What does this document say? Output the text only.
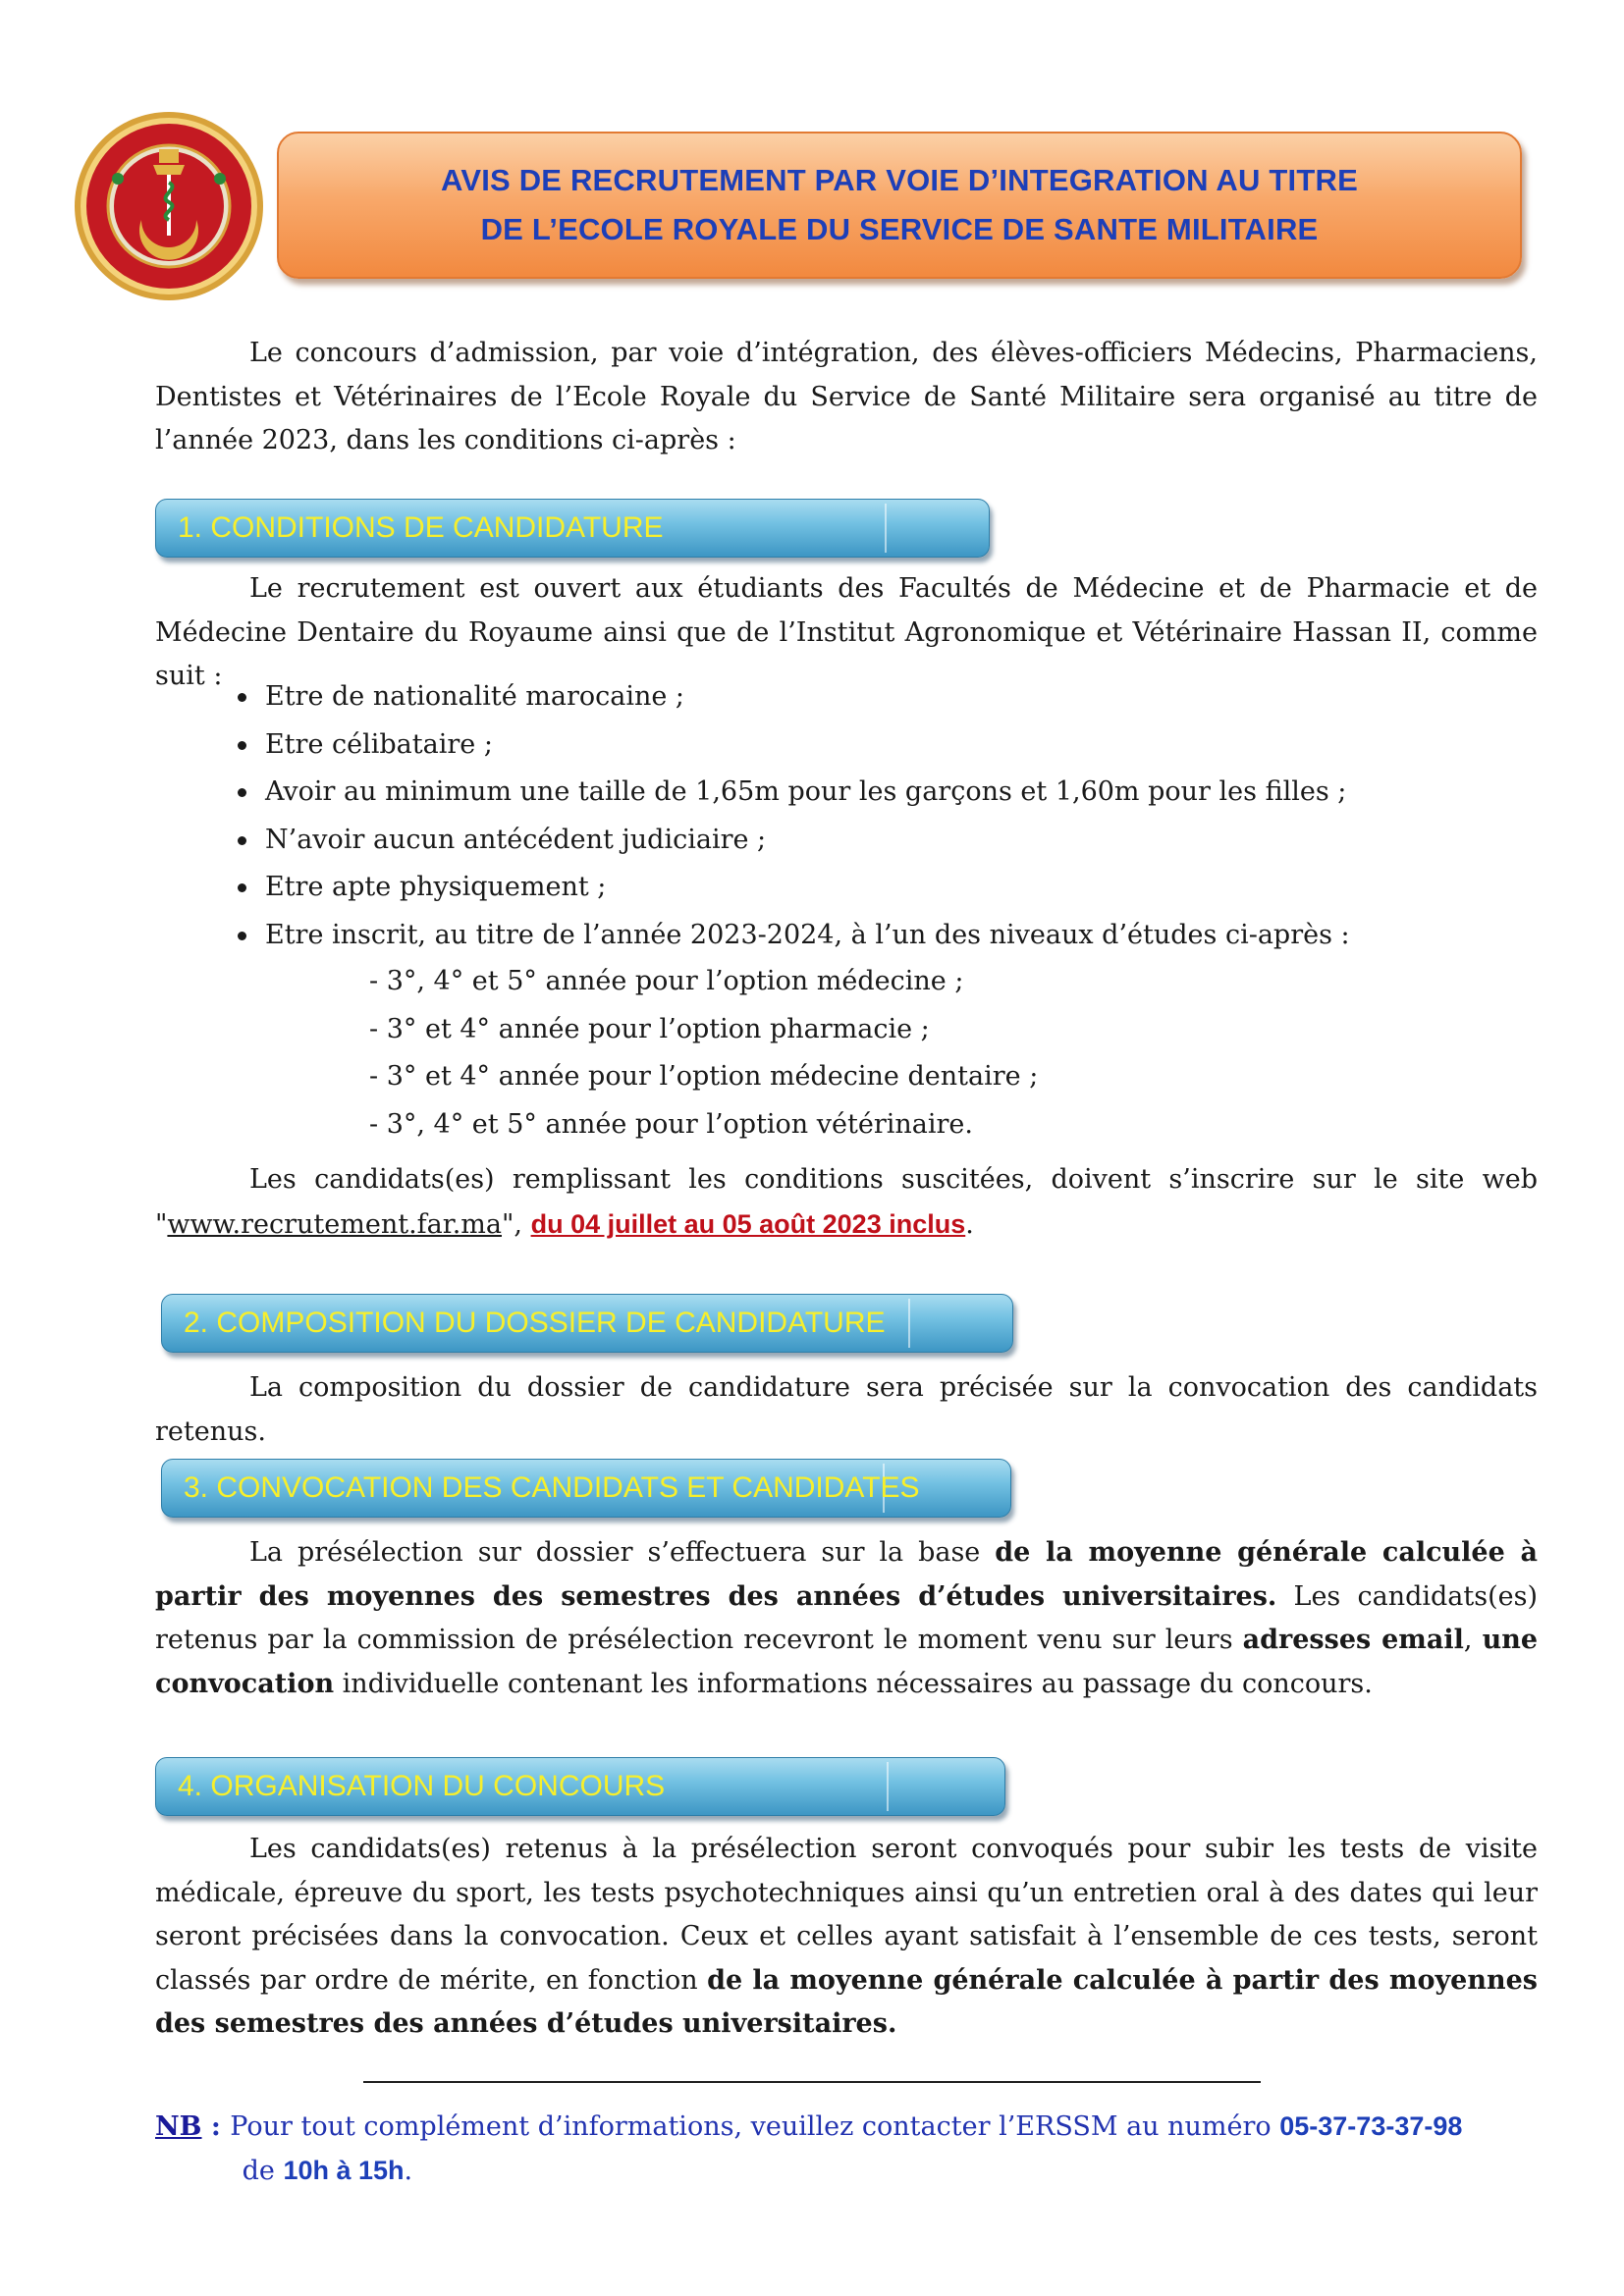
AVIS DE RECRUTEMENT PAR VOIE D’INTEGRATION AU TITRE
DE L’ECOLE ROYALE DU SERVICE DE SANTE MILITAIRE

Le concours d’admission, par voie d’intégration, des élèves-officiers Médecins, Pharmaciens, Dentistes et Vétérinaires de l’Ecole Royale du Service de Santé Militaire sera organisé au titre de l’année 2023, dans les conditions ci-après :

1. CONDITIONS DE CANDIDATURE

Le recrutement est ouvert aux étudiants des Facultés de Médecine et de Pharmacie et de Médecine Dentaire du Royaume ainsi que de l’Institut Agronomique et Vétérinaire Hassan II, comme suit :

Etre de nationalité marocaine ;
Etre célibataire ;
Avoir au minimum une taille de 1,65m pour les garçons et 1,60m pour les filles ;
N’avoir aucun antécédent judiciaire ;
Etre apte physiquement ;
Etre inscrit, au titre de l’année 2023-2024, à l’un des niveaux d’études ci-après :
- 3°, 4° et 5° année pour l’option médecine ;
- 3° et 4° année pour l’option pharmacie ;
- 3° et 4° année pour l’option médecine dentaire ;
- 3°, 4° et 5° année pour l’option vétérinaire.

Les candidats(es) remplissant les conditions suscitées, doivent s’inscrire sur le site web "www.recrutement.far.ma", du 04 juillet au 05 août 2023 inclus.

2. COMPOSITION DU DOSSIER DE CANDIDATURE

La composition du dossier de candidature sera précisée sur la convocation des candidats retenus.

3. CONVOCATION DES CANDIDATS ET CANDIDATES

La présélection sur dossier s’effectuera sur la base de la moyenne générale calculée à partir des moyennes des semestres des années d’études universitaires. Les candidats(es) retenus par la commission de présélection recevront le moment venu sur leurs adresses email, une convocation individuelle contenant les informations nécessaires au passage du concours.

4. ORGANISATION DU CONCOURS

Les candidats(es) retenus à la présélection seront convoqués pour subir les tests de visite médicale, épreuve du sport, les tests psychotechniques ainsi qu’un entretien oral à des dates qui leur seront précisées dans la convocation. Ceux et celles ayant satisfait à l’ensemble de ces tests, seront classés par ordre de mérite, en fonction de la moyenne générale calculée à partir des moyennes des semestres des années d’études universitaires.

NB : Pour tout complément d’informations, veuillez contacter l’ERSSM au numéro 05-37-73-37-98
de 10h à 15h.
